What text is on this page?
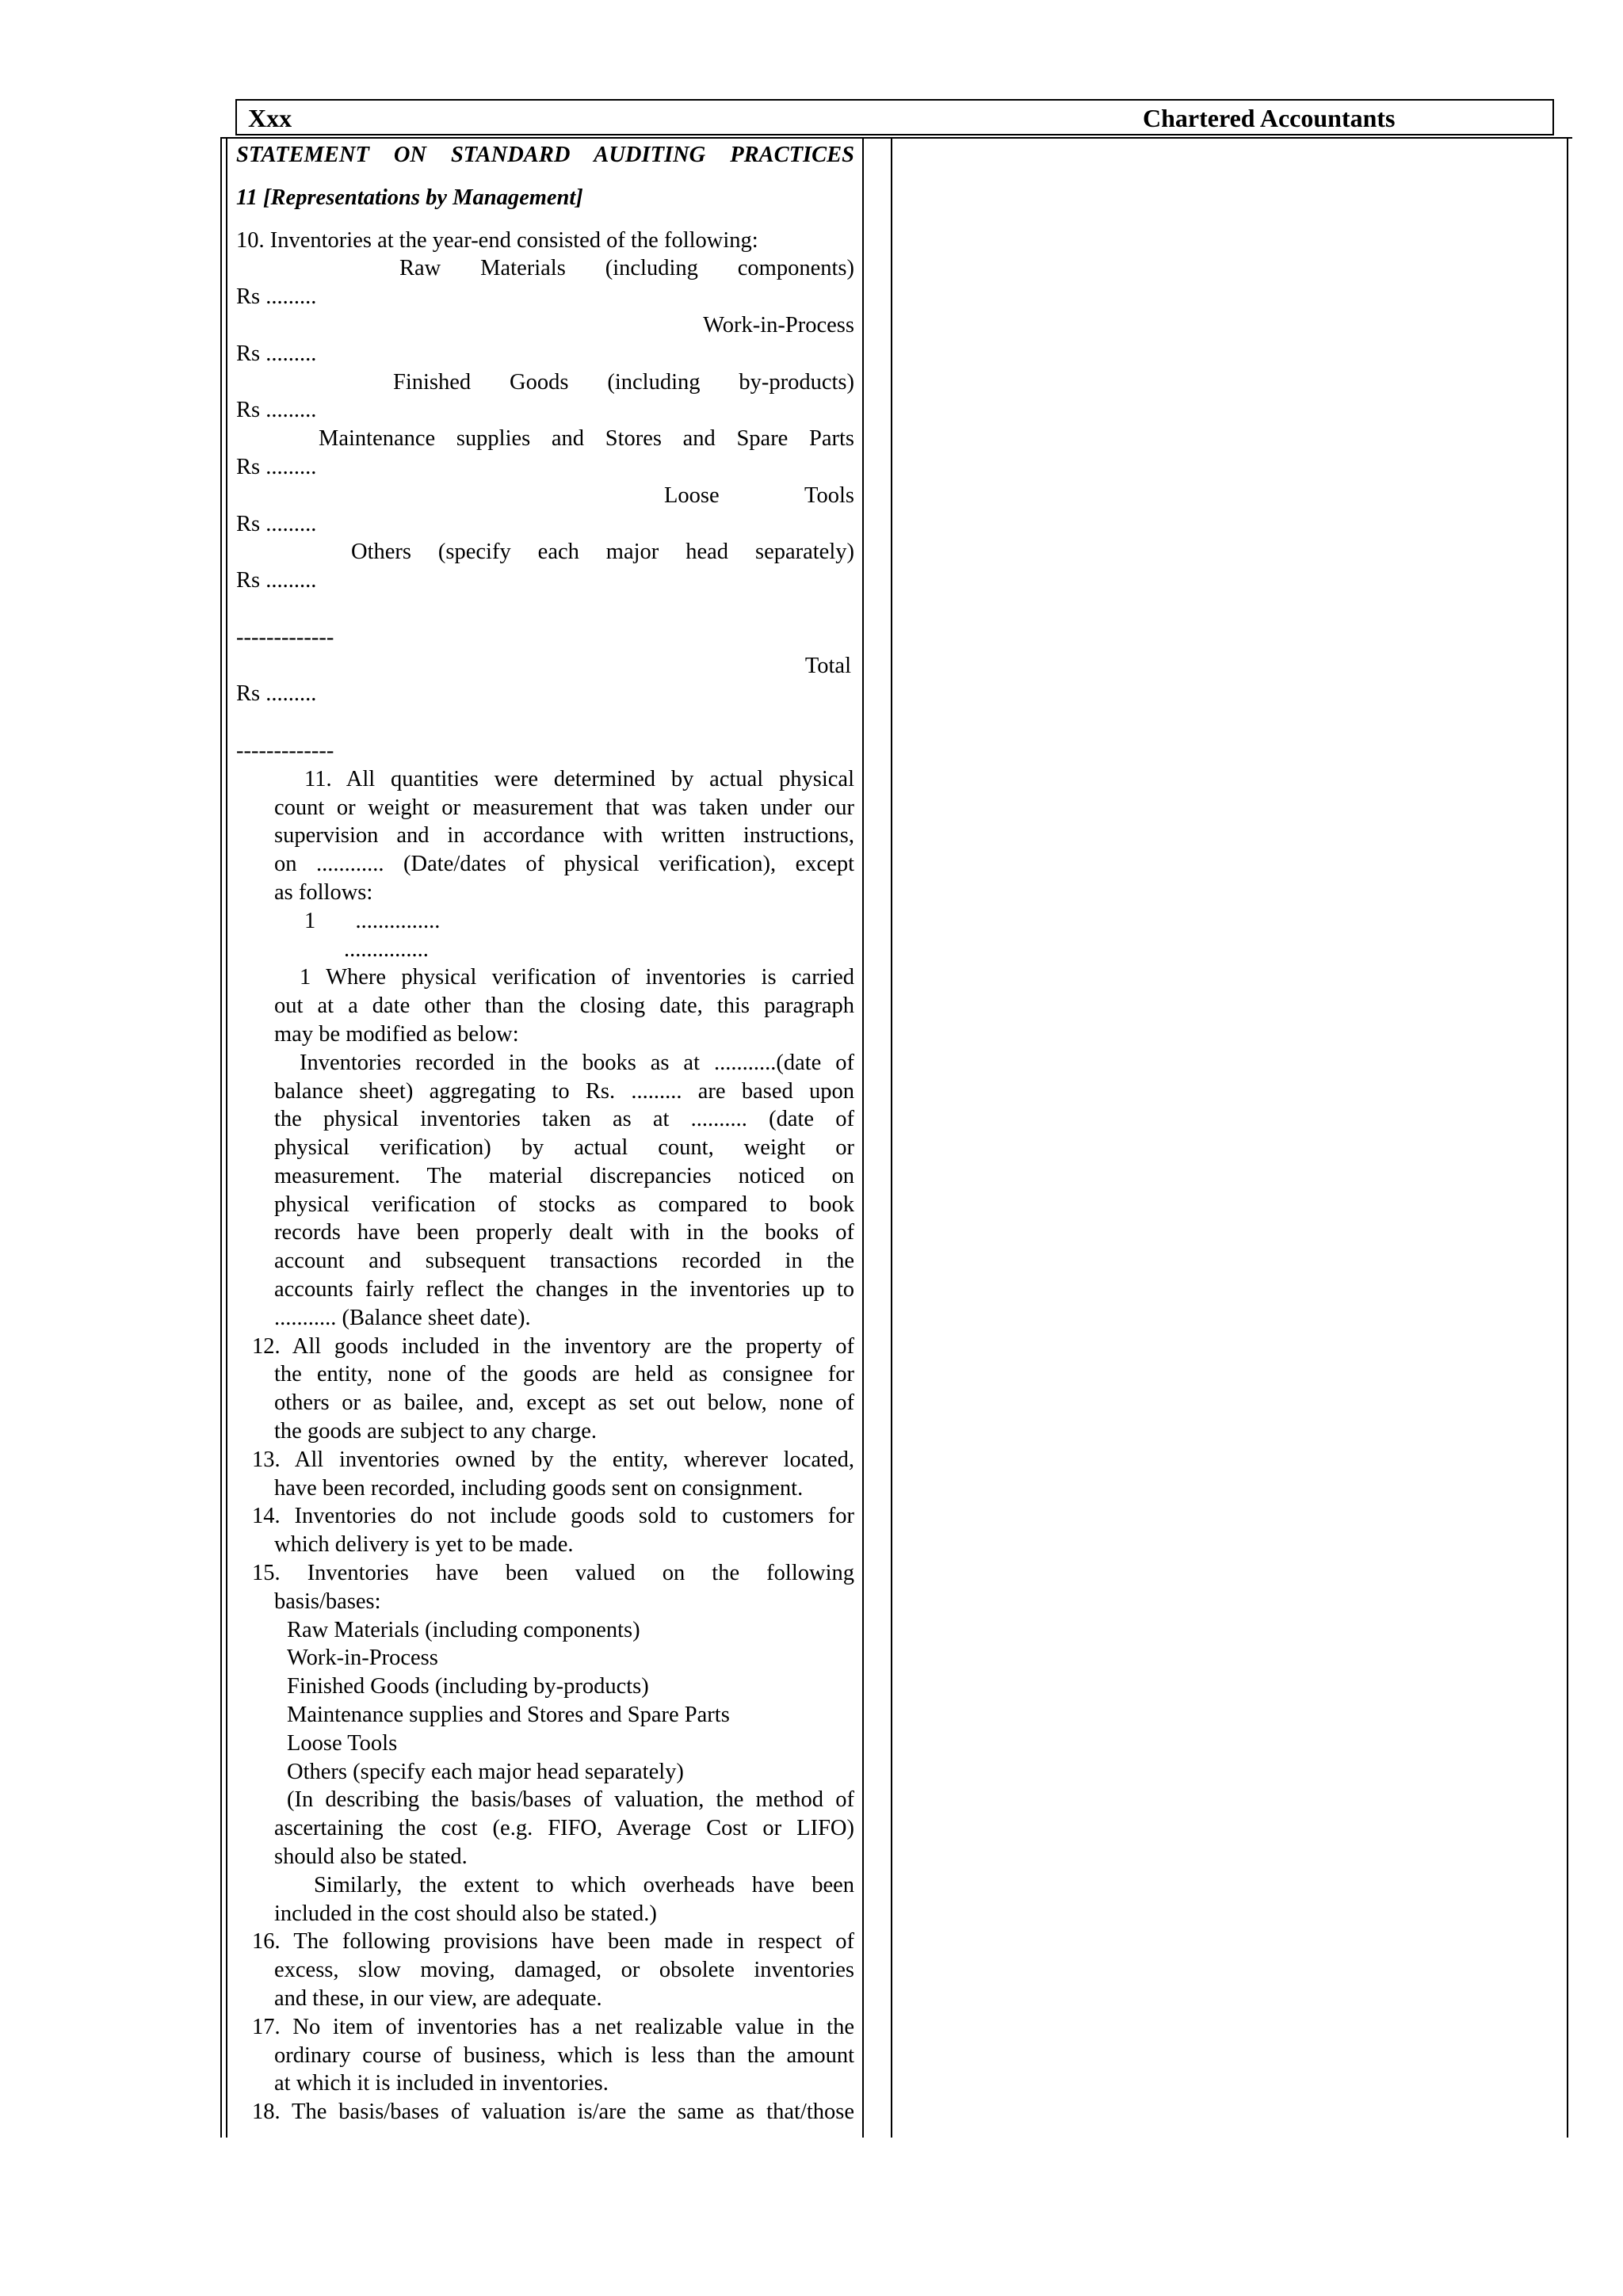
Xxx	Chartered Accountants
STATEMENT ON STANDARD AUDITING PRACTICES
11 [Representations by Management]
10. Inventories at the year-end consisted of the following:
Raw Materials (including components)
Rs .........
Work-in-Process
Rs .........
Finished Goods (including by-products)
Rs .........
Maintenance supplies and Stores and Spare Parts
Rs .........
Loose Tools
Rs .........
Others (specify each major head separately)
Rs .........
-------------
Total
Rs .........
-------------
11. All quantities were determined by actual physical
count or weight or measurement that was taken under our
supervision and in accordance with written instructions,
on ............ (Date/dates of physical verification), except
as follows:
1 ...............
...............
1 Where physical verification of inventories is carried
out at a date other than the closing date, this paragraph
may be modified as below:
Inventories recorded in the books as at ...........(date of
balance sheet) aggregating to Rs. ......... are based upon
the physical inventories taken as at .......... (date of
physical verification) by actual count, weight or
measurement. The material discrepancies noticed on
physical verification of stocks as compared to book
records have been properly dealt with in the books of
account and subsequent transactions recorded in the
accounts fairly reflect the changes in the inventories up to
........... (Balance sheet date).
12. All goods included in the inventory are the property of
the entity, none of the goods are held as consignee for
others or as bailee, and, except as set out below, none of
the goods are subject to any charge.
13. All inventories owned by the entity, wherever located,
have been recorded, including goods sent on consignment.
14. Inventories do not include goods sold to customers for
which delivery is yet to be made.
15. Inventories have been valued on the following
basis/bases:
Raw Materials (including components)
Work-in-Process
Finished Goods (including by-products)
Maintenance supplies and Stores and Spare Parts
Loose Tools
Others (specify each major head separately)
(In describing the basis/bases of valuation, the method of
ascertaining the cost (e.g. FIFO, Average Cost or LIFO)
should also be stated.
Similarly, the extent to which overheads have been
included in the cost should also be stated.)
16. The following provisions have been made in respect of
excess, slow moving, damaged, or obsolete inventories
and these, in our view, are adequate.
17. No item of inventories has a net realizable value in the
ordinary course of business, which is less than the amount
at which it is included in inventories.
18. The basis/bases of valuation is/are the same as that/those
